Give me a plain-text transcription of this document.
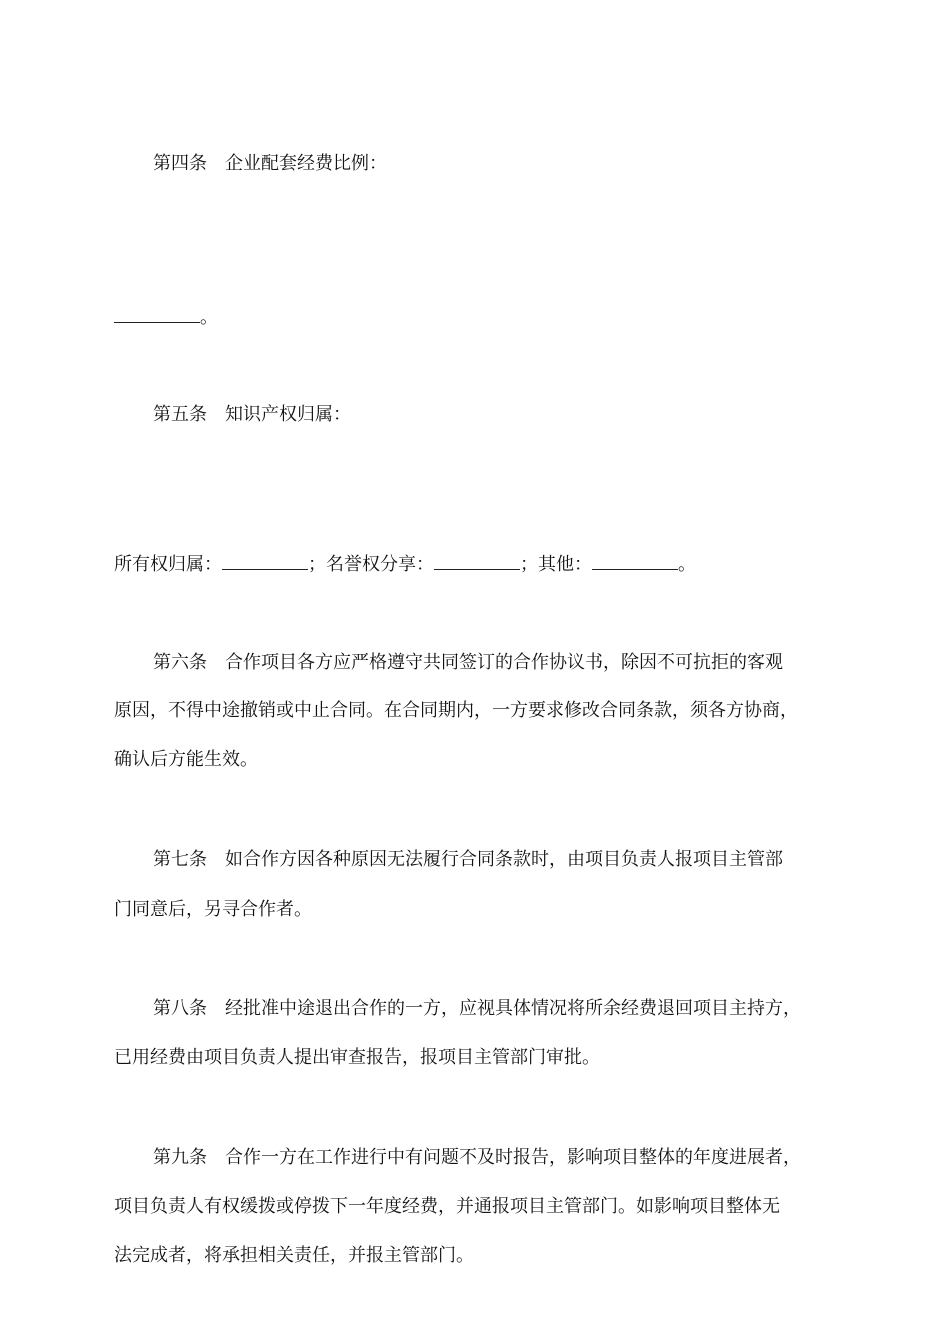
第四条　企业配套经费比例：
。
第五条　知识产权归属：
所有权归属：	；名誉权分享：	；其他：	。
第六条　合作项目各方应严格遵守共同签订的合作协议书，除因不可抗拒的客观
原因，不得中途撤销或中止合同。在合同期内，一方要求修改合同条款，须各方协商，
确认后方能生效。
第七条　如合作方因各种原因无法履行合同条款时，由项目负责人报项目主管部
门同意后，另寻合作者。
第八条　经批准中途退出合作的一方，应视具体情况将所余经费退回项目主持方，
已用经费由项目负责人提出审查报告，报项目主管部门审批。
第九条　合作一方在工作进行中有问题不及时报告，影响项目整体的年度进展者，
项目负责人有权缓拨或停拨下一年度经费，并通报项目主管部门。如影响项目整体无
法完成者，将承担相关责任，并报主管部门。
